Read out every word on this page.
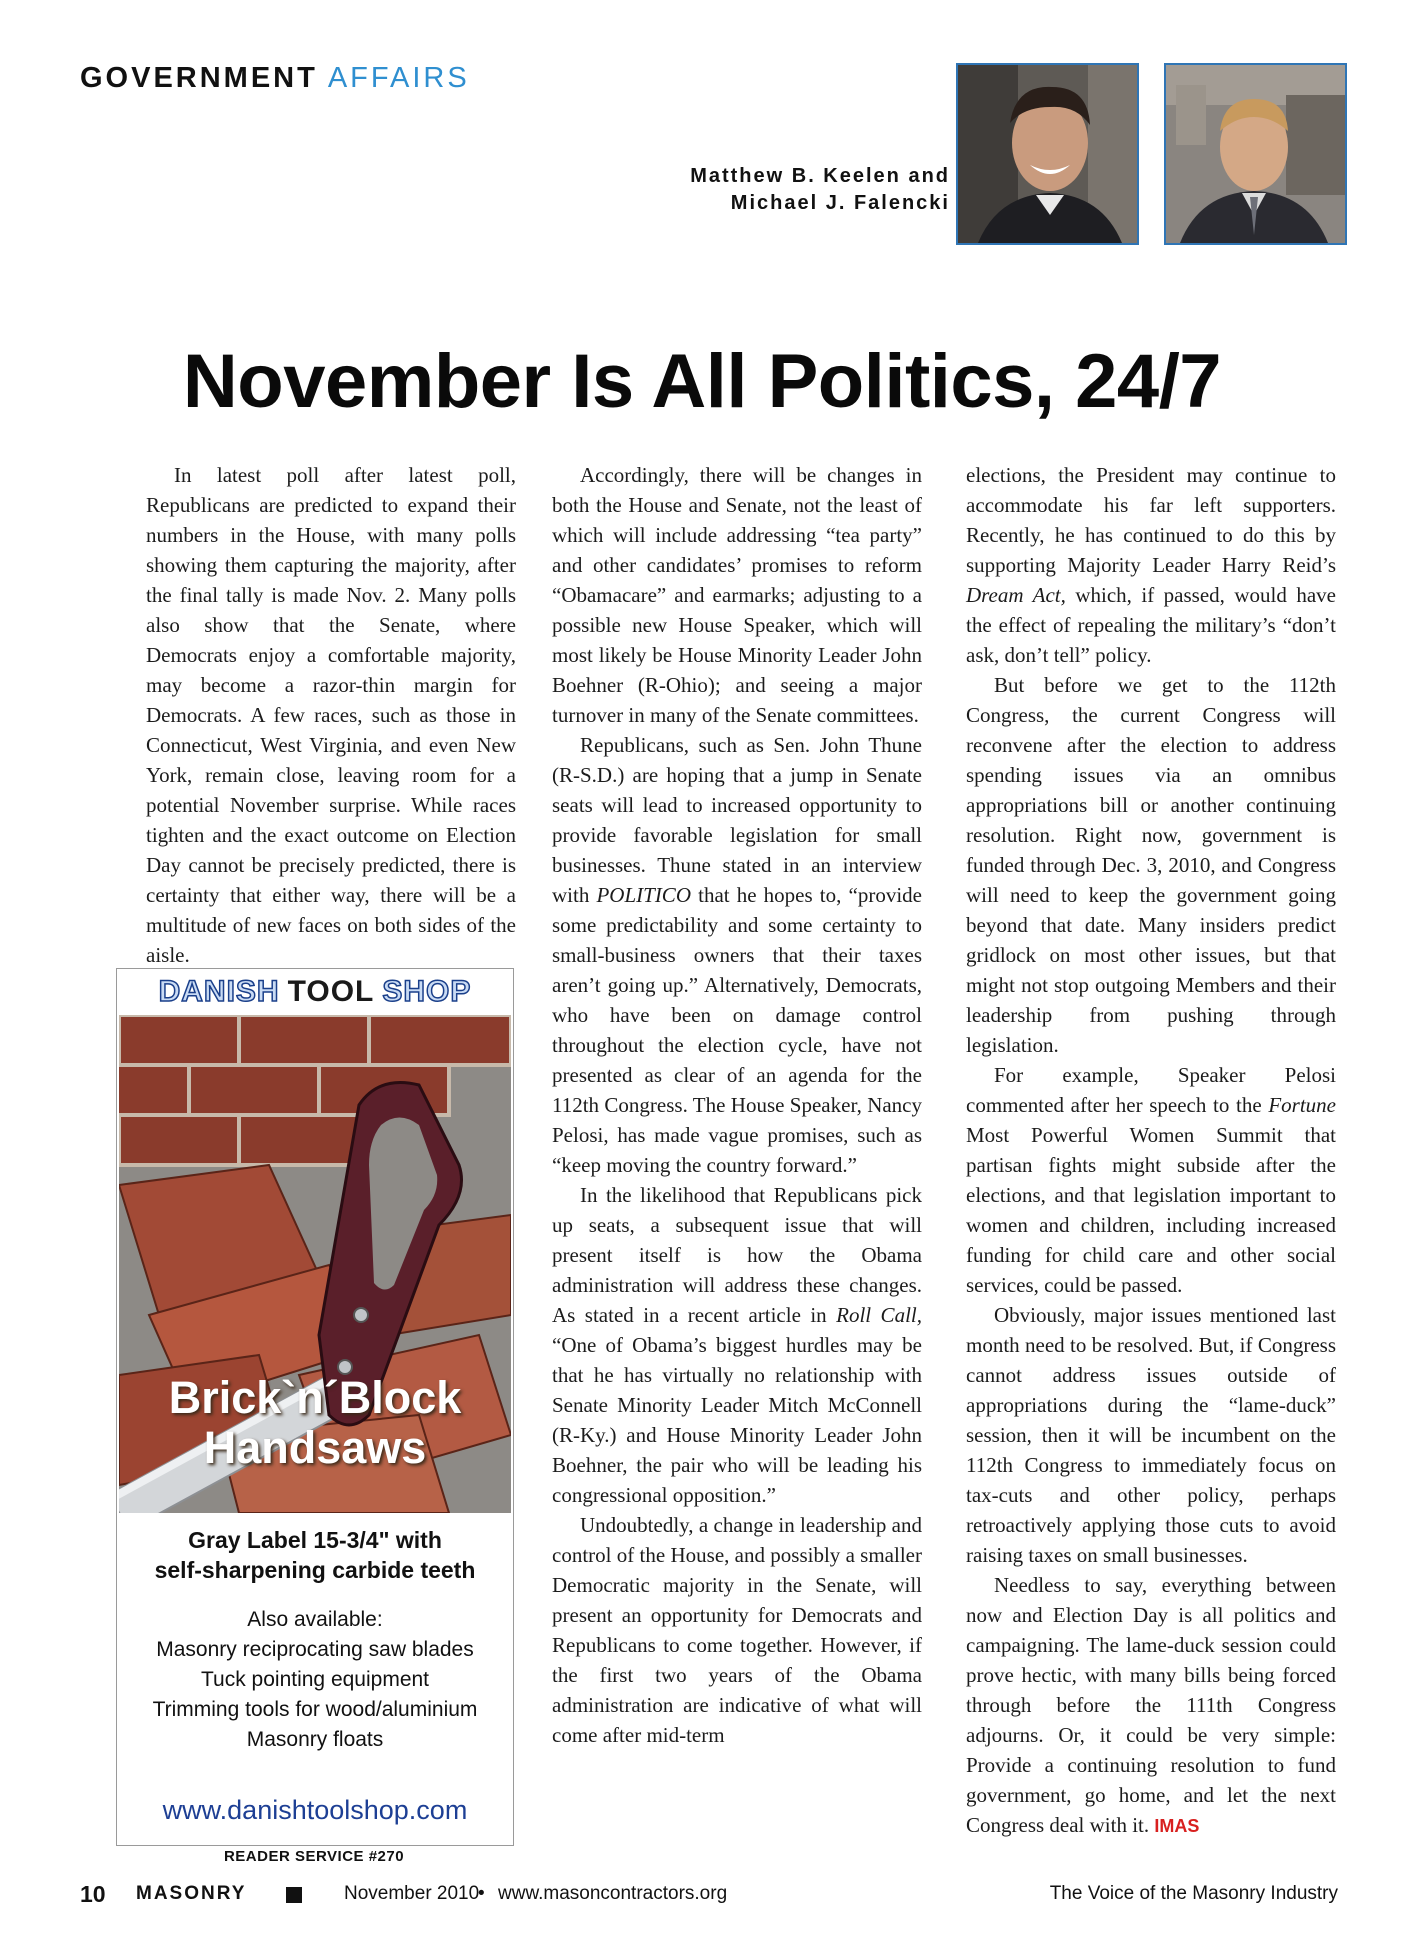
GOVERNMENT AFFAIRS
Matthew B. Keelen and
Michael J. Falencki
November Is All Politics, 24/7

In latest poll after latest poll, Republicans are predicted to expand their numbers in the House, with many polls showing them capturing the majority, after the final tally is made Nov. 2. Many polls also show that the Senate, where Democrats enjoy a comfortable majority, may become a razor-thin margin for Democrats. A few races, such as those in Connecticut, West Virginia, and even New York, remain close, leaving room for a potential November surprise. While races tighten and the exact outcome on Election Day cannot be precisely predicted, there is certainty that either way, there will be a multitude of new faces on both sides of the aisle.

Accordingly, there will be changes in both the House and Senate, not the least of which will include addressing “tea party” and other candidates’ promises to reform “Obamacare” and earmarks; adjusting to a possible new House Speaker, which will most likely be House Minority Leader John Boehner (R-Ohio); and seeing a major turnover in many of the Senate committees.

Republicans, such as Sen. John Thune (R-S.D.) are hoping that a jump in Senate seats will lead to increased opportunity to provide favorable legislation for small businesses. Thune stated in an interview with POLITICO that he hopes to, “provide some predictability and some certainty to small-business owners that their taxes aren’t going up.” Alternatively, Democrats, who have been on damage control throughout the election cycle, have not presented as clear of an agenda for the 112th Congress. The House Speaker, Nancy Pelosi, has made vague promises, such as “keep moving the country forward.”

In the likelihood that Republicans pick up seats, a subsequent issue that will present itself is how the Obama administration will address these changes. As stated in a recent article in Roll Call, “One of Obama’s biggest hurdles may be that he has virtually no relationship with Senate Minority Leader Mitch McConnell (R-Ky.) and House Minority Leader John Boehner, the pair who will be leading his congressional opposition.”

Undoubtedly, a change in leadership and control of the House, and possibly a smaller Democratic majority in the Senate, will present an opportunity for Democrats and Republicans to come together. However, if the first two years of the Obama administration are indicative of what will come after mid-term

elections, the President may continue to accommodate his far left supporters. Recently, he has continued to do this by supporting Majority Leader Harry Reid’s Dream Act, which, if passed, would have the effect of repealing the military’s “don’t ask, don’t tell” policy.

But before we get to the 112th Congress, the current Congress will reconvene after the election to address spending issues via an omnibus appropriations bill or another continuing resolution. Right now, government is funded through Dec. 3, 2010, and Congress will need to keep the government going beyond that date. Many insiders predict gridlock on most other issues, but that might not stop outgoing Members and their leadership from pushing through legislation.

For example, Speaker Pelosi commented after her speech to the Fortune Most Powerful Women Summit that partisan fights might subside after the elections, and that legislation important to women and children, including increased funding for child care and other social services, could be passed.

Obviously, major issues mentioned last month need to be resolved. But, if Congress cannot address issues outside of appropriations during the “lame-duck” session, then it will be incumbent on the 112th Congress to immediately focus on tax-cuts and other policy, perhaps retroactively applying those cuts to avoid raising taxes on small businesses.

Needless to say, everything between now and Election Day is all politics and campaigning. The lame-duck session could prove hectic, with many bills being forced through before the 111th Congress adjourns. Or, it could be very simple: Provide a continuing resolution to fund government, go home, and let the next Congress deal with it. IMAS

DANISH TOOL SHOP
Brick`n´Block
Handsaws
Gray Label 15-3/4" with
self-sharpening carbide teeth
Also available:
Masonry reciprocating saw blades
Tuck pointing equipment
Trimming tools for wood/aluminium
Masonry floats
www.danishtoolshop.com
READER SERVICE #270
10 MASONRY	November 2010
• www.masoncontractors.org	The Voice of the Masonry Industry
